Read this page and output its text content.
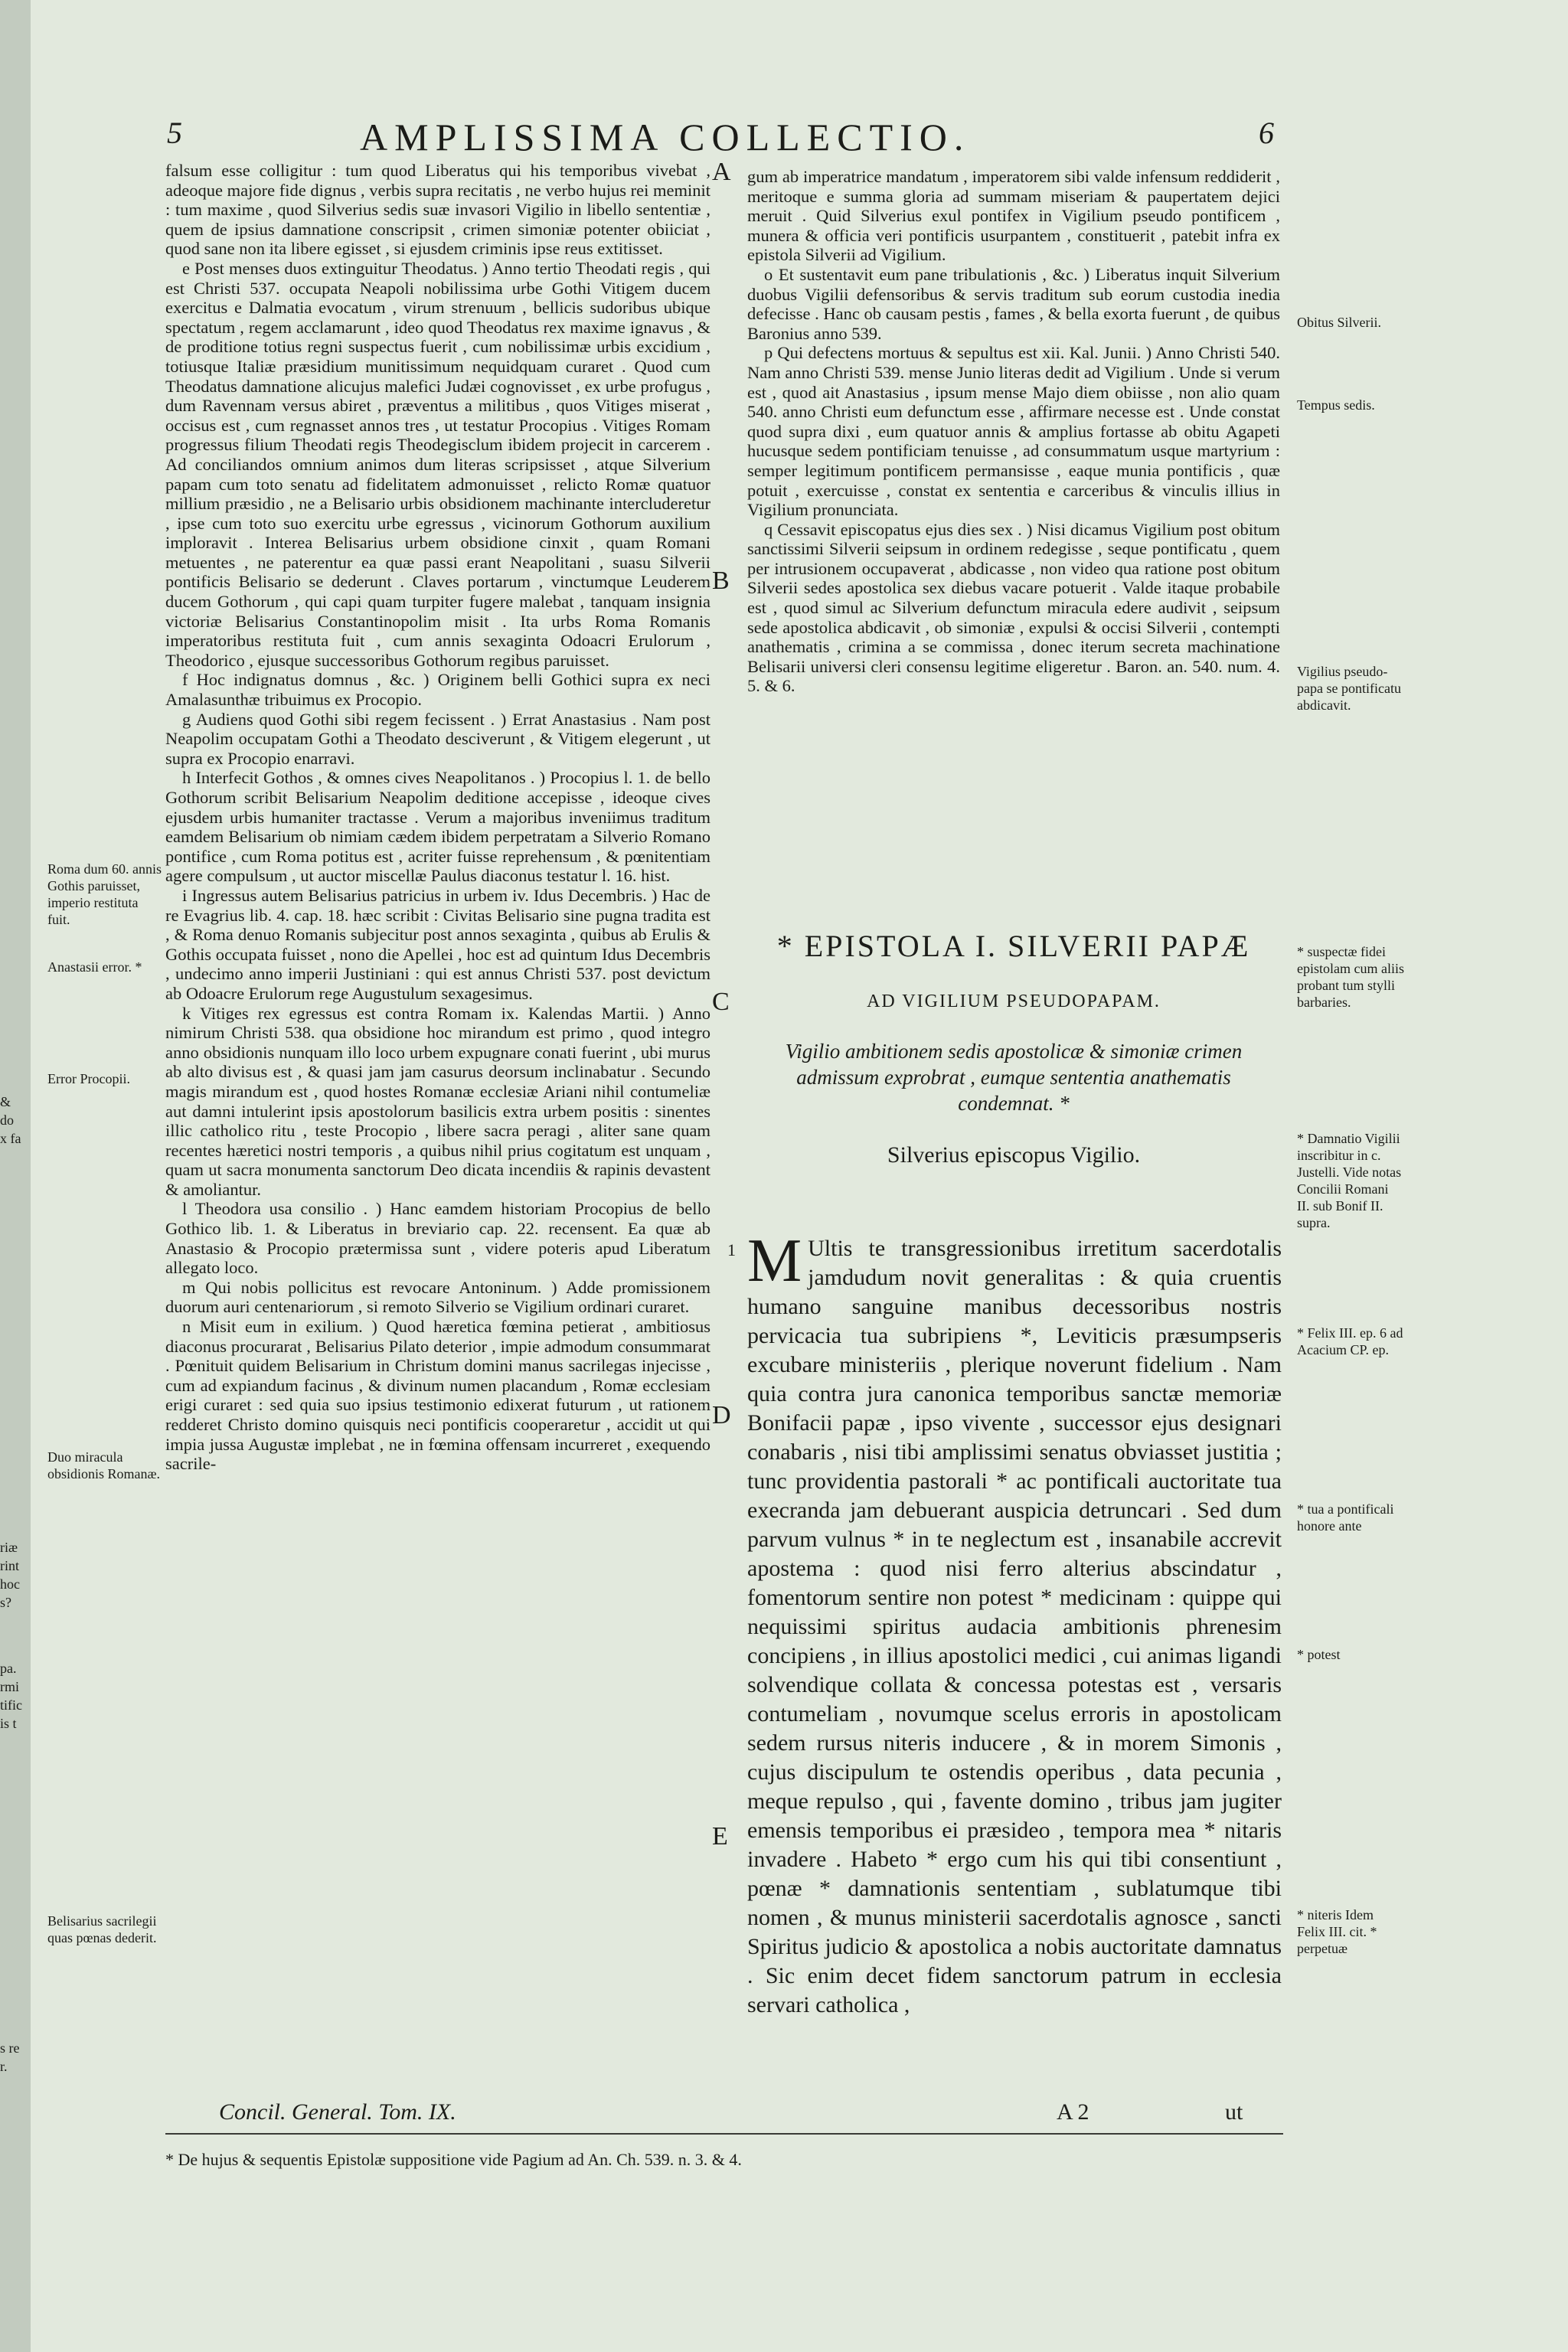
5	AMPLISSIMA COLLECTIO.	6

falsum esse colligitur : tum quod Liberatus qui his temporibus vivebat , adeoque majore fide dignus , verbis supra recitatis , ne verbo hujus rei meminit : tum maxime , quod Silverius sedis suæ invasori Vigilio in libello sententiæ , quem de ipsius damnatione conscripsit , crimen simoniæ potenter obiiciat , quod sane non ita libere egisset , si ejusdem criminis ipse reus extitisset.

e Post menses duos extinguitur Theodatus. ) Anno tertio Theodati regis , qui est Christi 537. occupata Neapoli nobilissima urbe Gothi Vitigem ducem exercitus e Dalmatia evocatum , virum strenuum , bellicis sudoribus ubique spectatum , regem acclamarunt , ideo quod Theodatus rex maxime ignavus , & de proditione totius regni suspectus fuerit , cum nobilissimæ urbis excidium , totiusque Italiæ præsidium munitissimum nequidquam curaret . Quod cum Theodatus damnatione alicujus malefici Judæi cognovisset , ex urbe profugus , dum Ravennam versus abiret , præventus a militibus , quos Vitiges miserat , occisus est , cum regnasset annos tres , ut testatur Procopius . Vitiges Romam progressus filium Theodati regis Theodegisclum ibidem projecit in carcerem . Ad conciliandos omnium animos dum literas scripsisset , atque Silverium papam cum toto senatu ad fidelitatem admonuisset , relicto Romæ quatuor millium præsidio , ne a Belisario urbis obsidionem machinante intercluderetur , ipse cum toto suo exercitu urbe egressus , vicinorum Gothorum auxilium imploravit . Interea Belisarius urbem obsidione cinxit , quam Romani metuentes , ne paterentur ea quæ passi erant Neapolitani , suasu Silverii pontificis Belisario se dederunt . Claves portarum , vinctumque Leuderem ducem Gothorum , qui capi quam turpiter fugere malebat , tanquam insignia victoriæ Belisarius Constantinopolim misit . Ita urbs Roma Romanis imperatoribus restituta fuit , cum annis sexaginta Odoacri Erulorum , Theodorico , ejusque successoribus Gothorum regibus paruisset.

f Hoc indignatus domnus , &c. ) Originem belli Gothici supra ex neci Amalasunthæ tribuimus ex Procopio.

g Audiens quod Gothi sibi regem fecissent . ) Errat Anastasius . Nam post Neapolim occupatam Gothi a Theodato desciverunt , & Vitigem elegerunt , ut supra ex Procopio enarravi.

h Interfecit Gothos , & omnes cives Neapolitanos . ) Procopius l. 1. de bello Gothorum scribit Belisarium Neapolim deditione accepisse , ideoque cives ejusdem urbis humaniter tractasse . Verum a majoribus inveniimus traditum eamdem Belisarium ob nimiam cædem ibidem perpetratam a Silverio Romano pontifice , cum Roma potitus est , acriter fuisse reprehensum , & pœnitentiam agere compulsum , ut auctor miscellæ Paulus diaconus testatur l. 16. hist.

i Ingressus autem Belisarius patricius in urbem iv. Idus Decembris. ) Hac de re Evagrius lib. 4. cap. 18. hæc scribit : Civitas Belisario sine pugna tradita est , & Roma denuo Romanis subjecitur post annos sexaginta , quibus ab Erulis & Gothis occupata fuisset , nono die Apellei , hoc est ad quintum Idus Decembris , undecimo anno imperii Justiniani : qui est annus Christi 537. post devictum ab Odoacre Erulorum rege Augustulum sexagesimus.

k Vitiges rex egressus est contra Romam ix. Kalendas Martii. ) Anno nimirum Christi 538. qua obsidione hoc mirandum est primo , quod integro anno obsidionis nunquam illo loco urbem expugnare conati fuerint , ubi murus ab alto divisus est , & quasi jam jam casurus deorsum inclinabatur . Secundo magis mirandum est , quod hostes Romanæ ecclesiæ Ariani nihil contumeliæ aut damni intulerint ipsis apostolorum basilicis extra urbem positis : sinentes illic catholico ritu , teste Procopio , libere sacra peragi , aliter sane quam recentes hæretici nostri temporis , a quibus nihil prius cogitatum est unquam , quam ut sacra monumenta sanctorum Deo dicata incendiis & rapinis devastent & amoliantur.

l Theodora usa consilio . ) Hanc eamdem historiam Procopius de bello Gothico lib. 1. & Liberatus in breviario cap. 22. recensent. Ea quæ ab Anastasio & Procopio prætermissa sunt , videre poteris apud Liberatum allegato loco.

m Qui nobis pollicitus est revocare Antoninum. ) Adde promissionem duorum auri centenariorum , si remoto Silverio se Vigilium ordinari curaret.

n Misit eum in exilium. ) Quod hæretica fœmina petierat , ambitiosus diaconus procurarat , Belisarius Pilato deterior , impie admodum consummarat . Pœnituit quidem Belisarium in Christum domini manus sacrilegas injecisse , cum ad expiandum facinus , & divinum numen placandum , Romæ ecclesiam erigi curaret : sed quia suo ipsius testimonio edixerat futurum , ut rationem redderet Christo domino quisquis neci pontificis cooperaretur , accidit ut qui impia jussa Augustæ implebat , ne in fœmina offensam incurreret , exequendo sacrile-

gum ab imperatrice mandatum , imperatorem sibi valde infensum reddiderit , meritoque e summa gloria ad summam miseriam & paupertatem dejici meruit . Quid Silverius exul pontifex in Vigilium pseudo pontificem , munera & officia veri pontificis usurpantem , constituerit , patebit infra ex epistola Silverii ad Vigilium.

o Et sustentavit eum pane tribulationis , &c. ) Liberatus inquit Silverium duobus Vigilii defensoribus & servis traditum sub eorum custodia inedia defecisse . Hanc ob causam pestis , fames , & bella exorta fuerunt , de quibus Baronius anno 539.

p Qui defectens mortuus & sepultus est xii. Kal. Junii. ) Anno Christi 540. Nam anno Christi 539. mense Junio literas dedit ad Vigilium . Unde si verum est , quod ait Anastasius , ipsum mense Majo diem obiisse , non alio quam 540. anno Christi eum defunctum esse , affirmare necesse est . Unde constat quod supra dixi , eum quatuor annis & amplius fortasse ab obitu Agapeti hucusque sedem pontificiam tenuisse , ad consummatum usque martyrium : semper legitimum pontificem permansisse , eaque munia pontificis , quæ potuit , exercuisse , constat ex sententia e carceribus & vinculis illius in Vigilium pronunciata.

q Cessavit episcopatus ejus dies sex . ) Nisi dicamus Vigilium post obitum sanctissimi Silverii seipsum in ordinem redegisse , seque pontificatu , quem per intrusionem occupaverat , abdicasse , non video qua ratione post obitum Silverii sedes apostolica sex diebus vacare potuerit . Valde itaque probabile est , quod simul ac Silverium defunctum miracula edere audivit , seipsum sede apostolica abdicavit , ob simoniæ , expulsi & occisi Silverii , contempti anathematis , crimina a se commissa , donec iterum secreta machinatione Belisarii universi cleri consensu legitime eligeretur . Baron. an. 540. num. 4. 5. & 6.

* EPISTOLA I. SILVERII PAPÆ
AD VIGILIUM PSEUDOPAPAM.
Vigilio ambitionem sedis apostolicæ & simoniæ crimen admissum exprobrat , eumque sententia anathematis condemnat. *
Silverius episcopus Vigilio.
1 M Ultis te transgressionibus irretitum sacerdotalis jamdudum novit generalitas : & quia cruentis humano sanguine manibus decessoribus nostris pervicacia tua subripiens *, Leviticis præsumpseris excubare ministeriis , plerique noverunt fidelium . Nam quia contra jura canonica temporibus sanctæ memoriæ Bonifacii papæ , ipso vivente , successor ejus designari conabaris , nisi tibi amplissimi senatus obviasset justitia ; tunc providentia pastorali * ac pontificali auctoritate tua execranda jam debuerant auspicia detruncari . Sed dum parvum vulnus * in te neglectum est , insanabile accrevit apostema : quod nisi ferro alterius abscindatur , fomentorum sentire non potest * medicinam : quippe qui nequissimi spiritus audacia ambitionis phrenesim concipiens , in illius apostolici medici , cui animas ligandi solvendique collata & concessa potestas est , versaris contumeliam , novumque scelus erroris in apostolicam sedem rursus niteris inducere , & in morem Simonis , cujus discipulum te ostendis operibus , data pecunia , meque repulso , qui , favente domino , tribus jam jugiter emensis temporibus ei præsideo , tempora mea * nitaris invadere . Habeto * ergo cum his qui tibi consentiunt , pœnæ * damnationis sententiam , sublatumque tibi nomen , & munus ministerii sacerdotalis agnosce , sancti Spiritus judicio & apostolica a nobis auctoritate damnatus . Sic enim decet fidem sanctorum patrum in ecclesia servari catholica ,
A
B
C
D
E
Roma dum 60. annis Gothis paruisset, imperio restituta fuit.
Anastasii error. *
Error Procopii.
Duo miracula obsidionis Romanæ.
Belisarius sacrilegii quas pœnas dederit.
Obitus Silverii.
Tempus sedis.
Vigilius pseudo-papa se pontificatu abdicavit.
* suspectæ fidei epistolam cum aliis probant tum stylli barbaries.
* Damnatio Vigilii inscribitur in c. Justelli. Vide notas Concilii Romani II. sub Bonif II. supra.
* Felix III. ep. 6 ad Acacium CP. ep.
* tua a pontificali honore ante
* potest
* niteris Idem Felix III. cit. * perpetuæ
&
do
x fa
riæ
rint
hoc
s?
pa.
rmi
tific
is t
s re
r.
Concil. General. Tom. IX.	A 2	ut
* De hujus & sequentis Epistolæ suppositione vide Pagium ad An. Ch. 539. n. 3. & 4.
